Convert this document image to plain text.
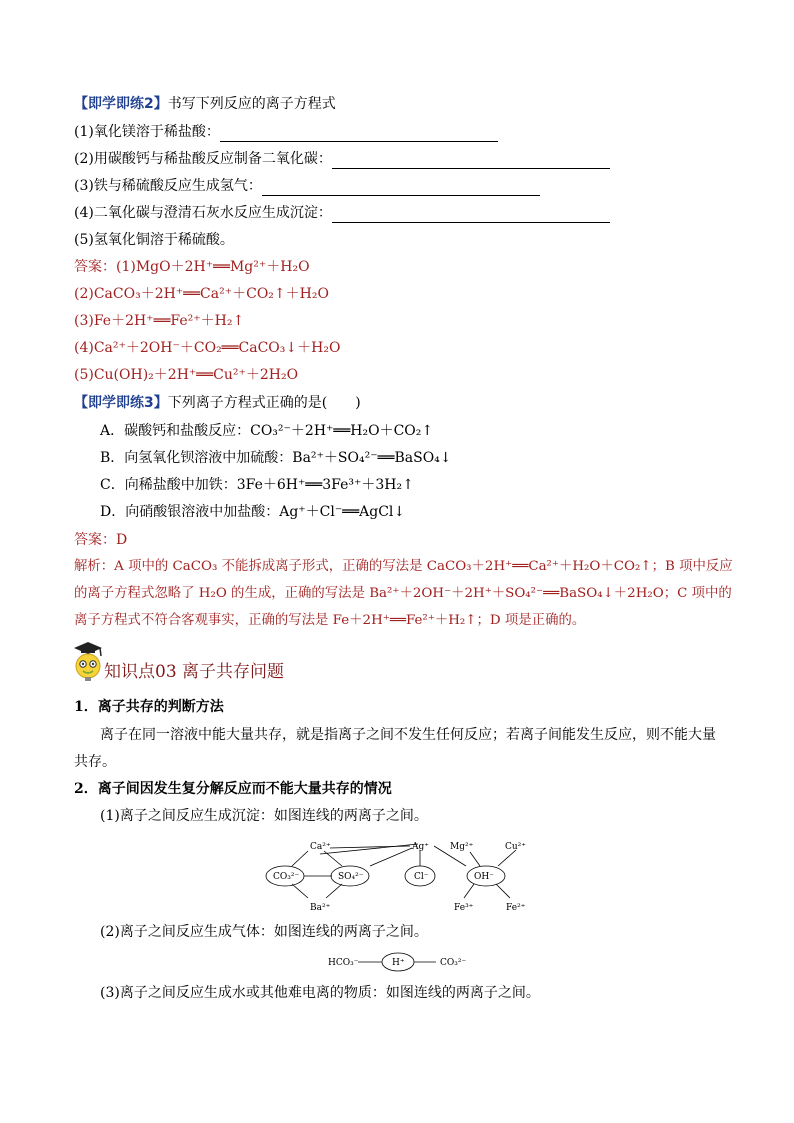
【即学即练2】书写下列反应的离子方程式
(1)氧化镁溶于稀盐酸：
(2)用碳酸钙与稀盐酸反应制备二氧化碳：
(3)铁与稀硫酸反应生成氢气：
(4)二氧化碳与澄清石灰水反应生成沉淀：
(5)氢氧化铜溶于稀硫酸。
答案：(1)MgO＋2H⁺══Mg²⁺＋H₂O
(2)CaCO₃＋2H⁺══Ca²⁺＋CO₂↑＋H₂O
(3)Fe＋2H⁺══Fe²⁺＋H₂↑
(4)Ca²⁺＋2OH⁻＋CO₂══CaCO₃↓＋H₂O
(5)Cu(OH)₂＋2H⁺══Cu²⁺＋2H₂O
【即学即练3】下列离子方程式正确的是(　　)
A．碳酸钙和盐酸反应：CO₃²⁻＋2H⁺══H₂O＋CO₂↑
B．向氢氧化钡溶液中加硫酸：Ba²⁺＋SO₄²⁻══BaSO₄↓
C．向稀盐酸中加铁：3Fe＋6H⁺══3Fe³⁺＋3H₂↑
D．向硝酸银溶液中加盐酸：Ag⁺＋Cl⁻══AgCl↓
答案：D
解析：A 项中的 CaCO₃ 不能拆成离子形式，正确的写法是 CaCO₃＋2H⁺══Ca²⁺＋H₂O＋CO₂↑；B 项中反应
的离子方程式忽略了 H₂O 的生成，正确的写法是 Ba²⁺＋2OH⁻＋2H⁺＋SO₄²⁻══BaSO₄↓＋2H₂O；C 项中的
离子方程式不符合客观事实，正确的写法是 Fe＋2H⁺══Fe²⁺＋H₂↑；D 项是正确的。
知识点03 离子共存问题
1．离子共存的判断方法
离子在同一溶液中能大量共存，就是指离子之间不发生任何反应；若离子间能发生反应，则不能大量
共存。
2．离子间因发生复分解反应而不能大量共存的情况
(1)离子之间反应生成沉淀：如图连线的两离子之间。
Ca²⁺
CO₃²⁻	SO₄²⁻
Ba²⁺
Ag⁺
Cl⁻
Mg²⁺	Cu²⁺
OH⁻
Fe³⁺	Fe²⁺
(2)离子之间反应生成气体：如图连线的两离子之间。
HCO₃⁻	H⁺	CO₃²⁻
(3)离子之间反应生成水或其他难电离的物质：如图连线的两离子之间。
